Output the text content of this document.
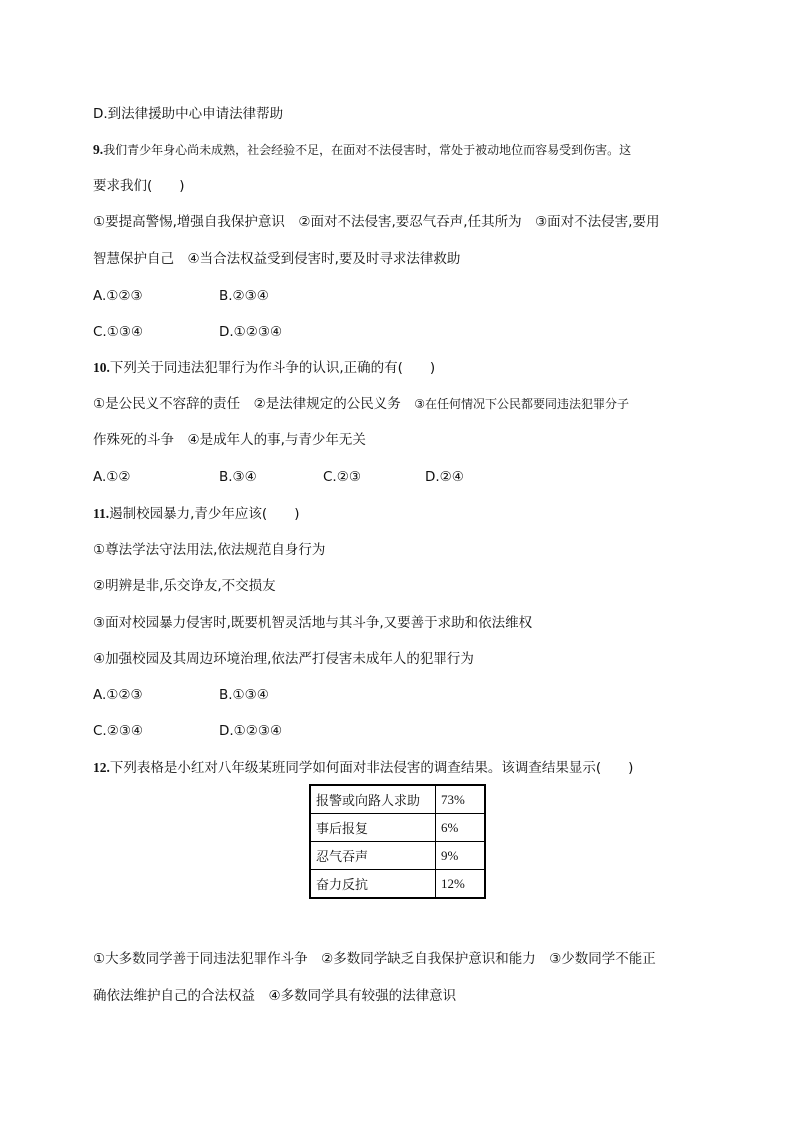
D.到法律援助中心申请法律帮助
9.我们青少年身心尚未成熟，社会经验不足，在面对不法侵害时，常处于被动地位而容易受到伤害。这
要求我们(　　)
①要提高警惕,增强自我保护意识　②面对不法侵害,要忍气吞声,任其所为　③面对不法侵害,要用
智慧保护自己　④当合法权益受到侵害时,要及时寻求法律救助
A.①②③	B.②③④
C.①③④	D.①②③④
10.下列关于同违法犯罪行为作斗争的认识,正确的有(　　)
①是公民义不容辞的责任　②是法律规定的公民义务　③在任何情况下公民都要同违法犯罪分子
作殊死的斗争　④是成年人的事,与青少年无关
A.①②	B.③④	C.②③	D.②④
11.遏制校园暴力,青少年应该(　　)
①尊法学法守法用法,依法规范自身行为
②明辨是非,乐交诤友,不交损友
③面对校园暴力侵害时,既要机智灵活地与其斗争,又要善于求助和依法维权
④加强校园及其周边环境治理,依法严打侵害未成年人的犯罪行为
A.①②③	B.①③④
C.②③④	D.①②③④
12.下列表格是小红对八年级某班同学如何面对非法侵害的调查结果。该调查结果显示(　　)
报警或向路人求助	73%
事后报复	6%
忍气吞声	9%
奋力反抗	12%
①大多数同学善于同违法犯罪作斗争　②多数同学缺乏自我保护意识和能力　③少数同学不能正
确依法维护自己的合法权益　④多数同学具有较强的法律意识
